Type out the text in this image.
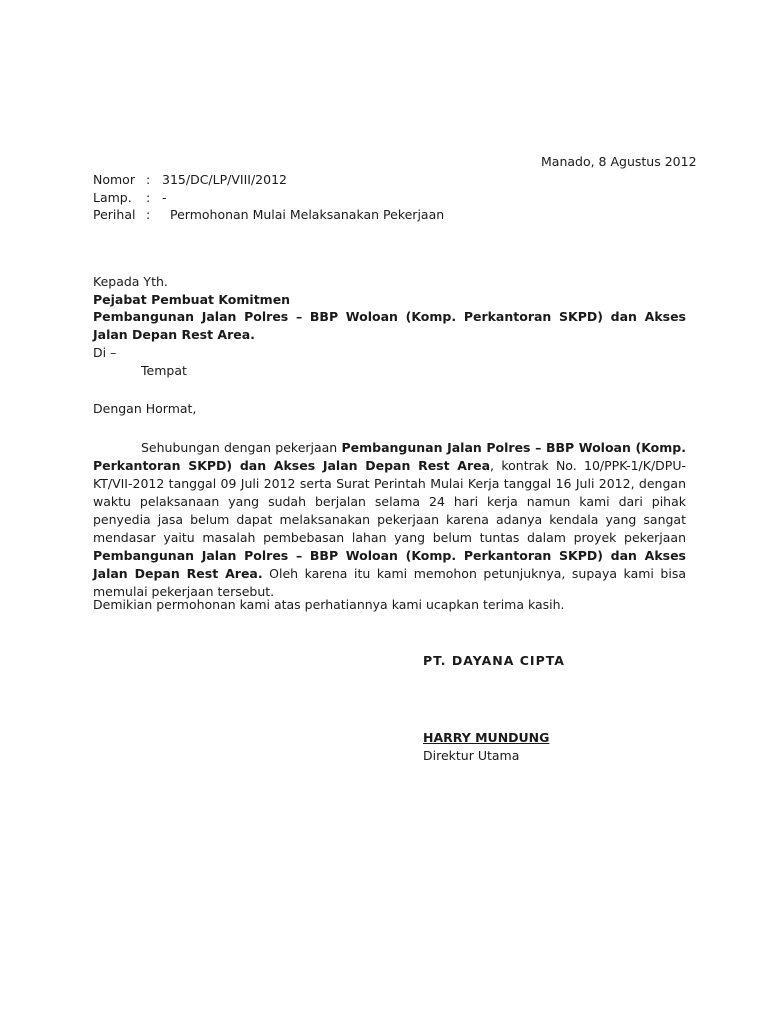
Manado, 8 Agustus 2012
Nomor : 315/DC/LP/VIII/2012
Lamp. : -
Perihal : Permohonan Mulai Melaksanakan Pekerjaan
Kepada Yth.
Pejabat Pembuat Komitmen
Pembangunan Jalan Polres – BBP Woloan (Komp. Perkantoran SKPD) dan Akses Jalan Depan Rest Area.
Di –
Tempat
Dengan Hormat,
Sehubungan dengan pekerjaan Pembangunan Jalan Polres – BBP Woloan (Komp. Perkantoran SKPD) dan Akses Jalan Depan Rest Area, kontrak No. 10/PPK-1/K/DPU-KT/VII-2012 tanggal 09 Juli 2012 serta Surat Perintah Mulai Kerja tanggal 16 Juli 2012, dengan waktu pelaksanaan yang sudah berjalan selama 24 hari kerja namun kami dari pihak penyedia jasa belum dapat melaksanakan pekerjaan karena adanya kendala yang sangat mendasar yaitu masalah pembebasan lahan yang belum tuntas dalam proyek pekerjaan Pembangunan Jalan Polres – BBP Woloan (Komp. Perkantoran SKPD) dan Akses Jalan Depan Rest Area. Oleh karena itu kami memohon petunjuknya, supaya kami bisa memulai pekerjaan tersebut.
Demikian permohonan kami atas perhatiannya kami ucapkan terima kasih.
PT. DAYANA CIPTA
HARRY MUNDUNG
Direktur Utama
